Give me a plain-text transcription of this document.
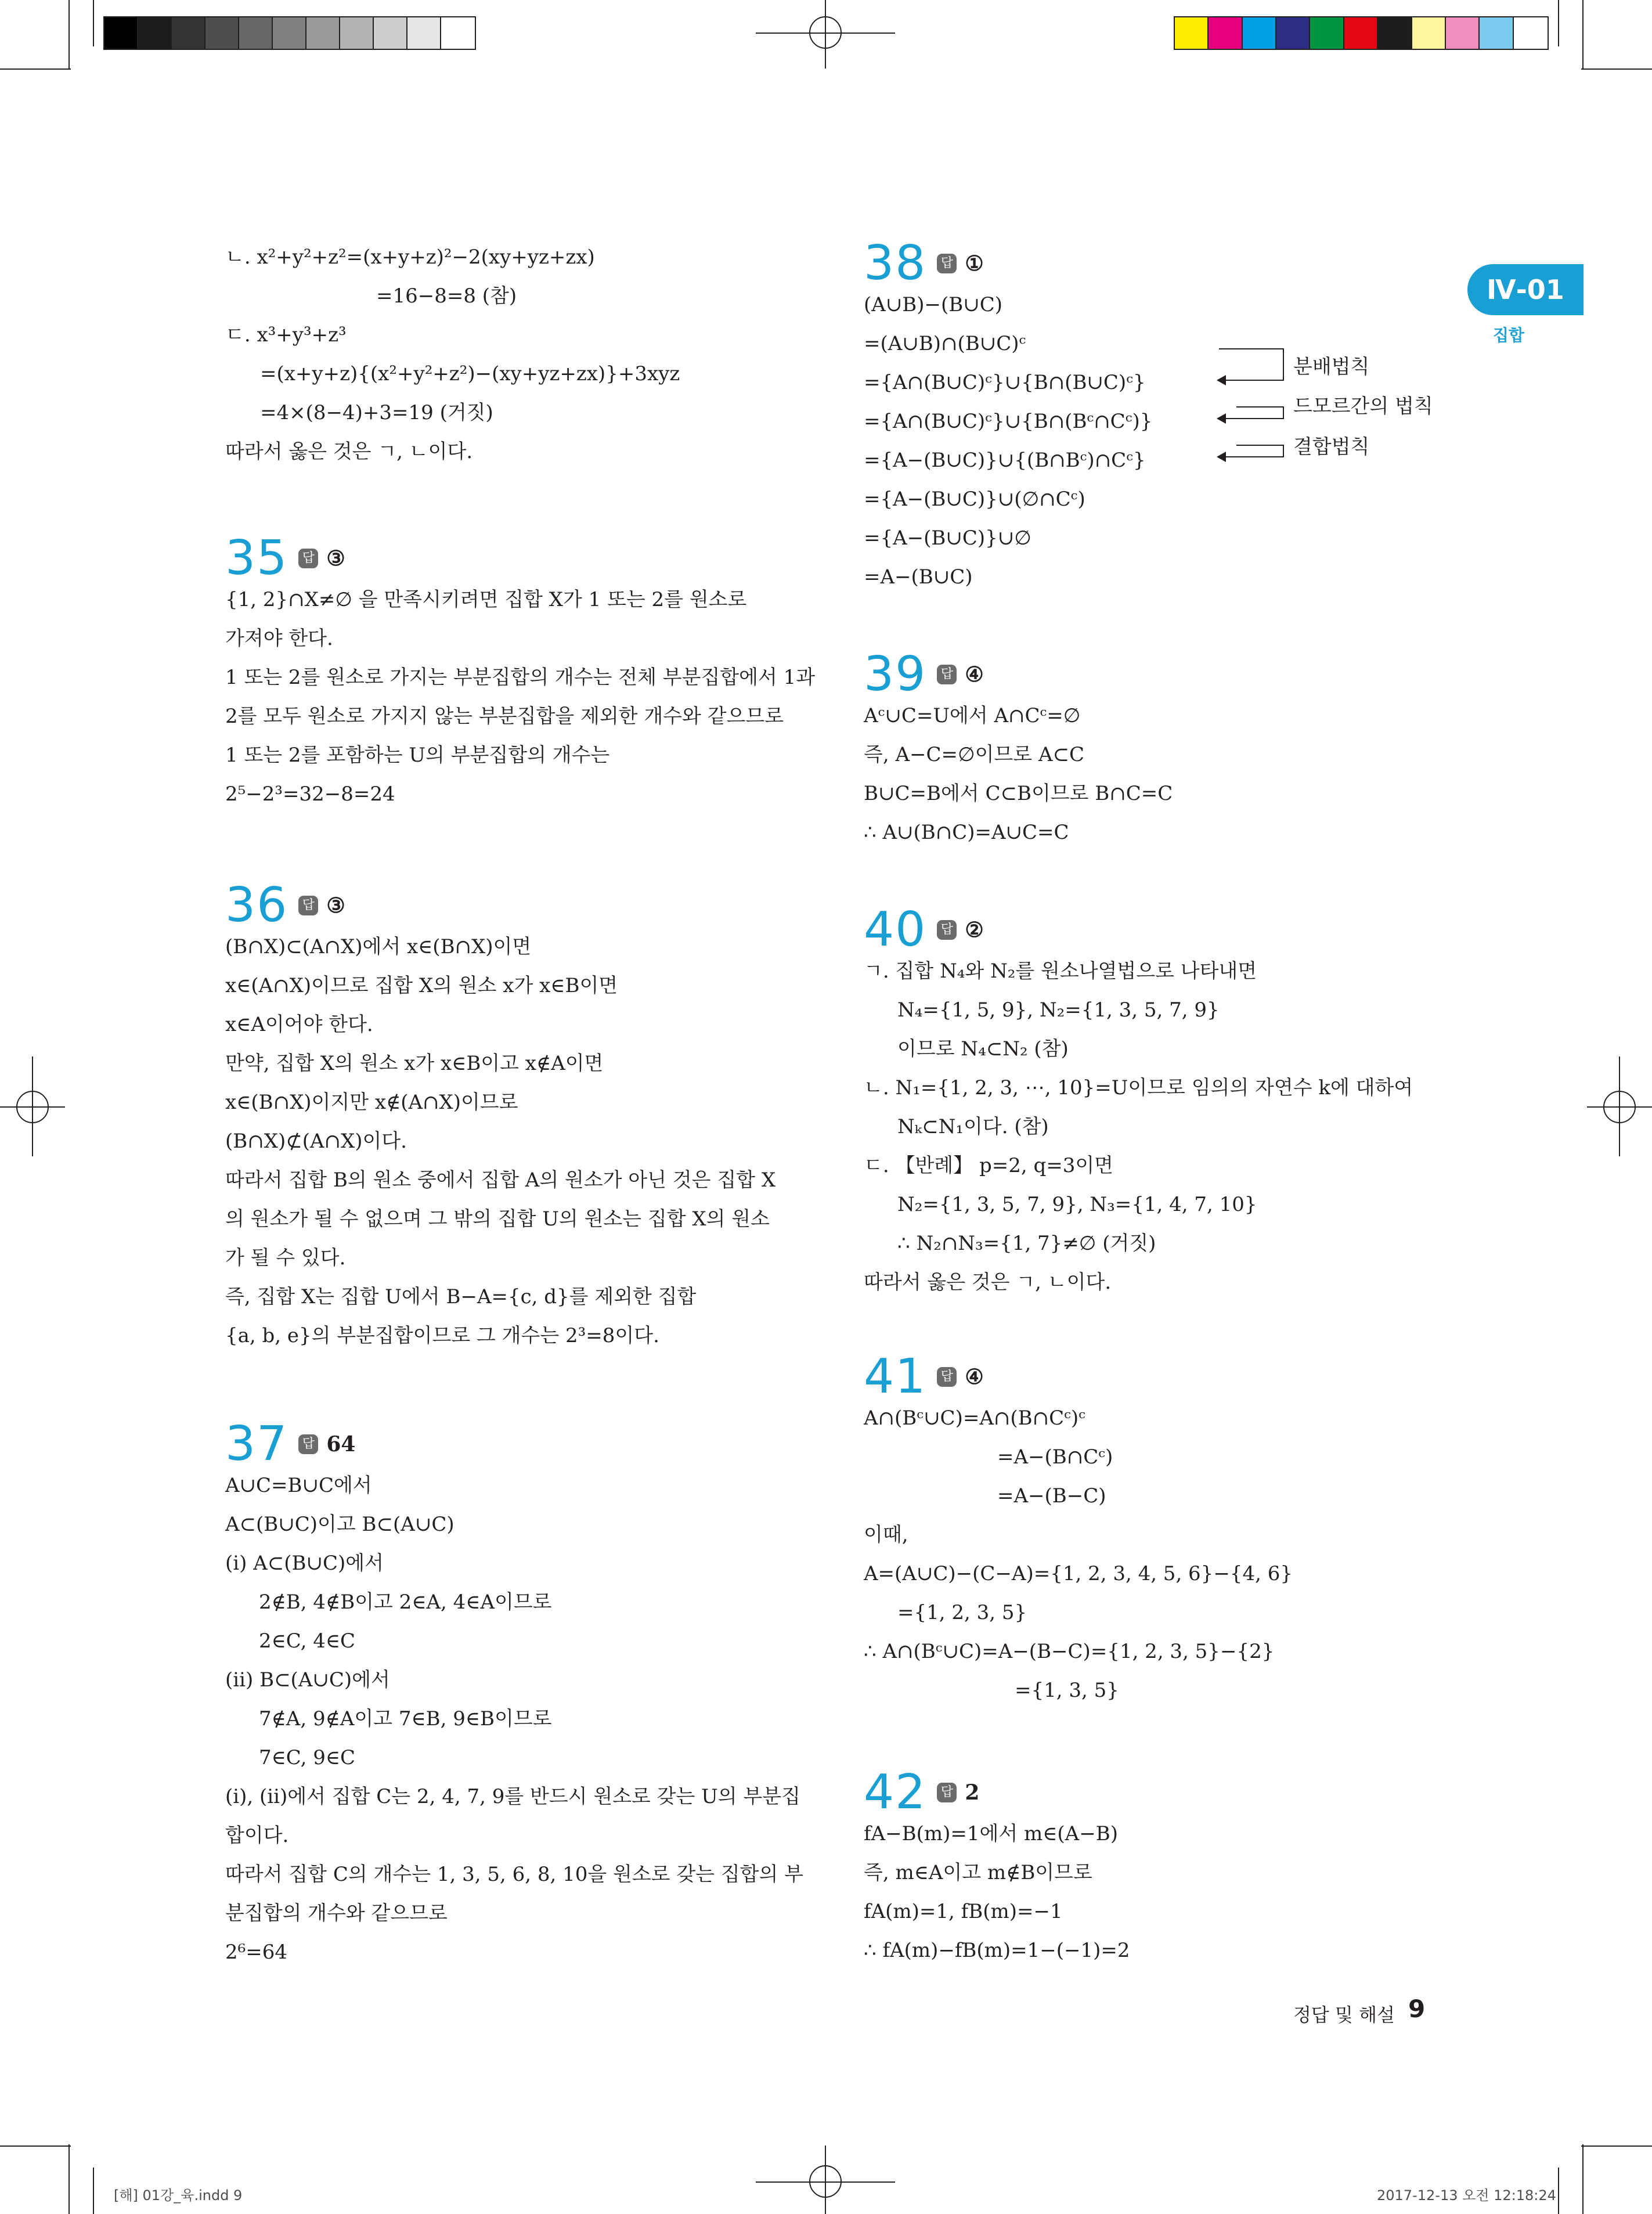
Ⅳ-01
집합
ㄴ. x²+y²+z²=(x+y+z)²−2(xy+yz+zx)
=16−8=8 (참)
ㄷ. x³+y³+z³
=(x+y+z){(x²+y²+z²)−(xy+yz+zx)}+3xyz
=4×(8−4)+3=19 (거짓)
따라서 옳은 것은 ㄱ, ㄴ이다.
35 답 ③
{1, 2}∩X≠∅ 을 만족시키려면 집합 X가 1 또는 2를 원소로
가져야 한다.
1 또는 2를 원소로 가지는 부분집합의 개수는 전체 부분집합에서 1과
2를 모두 원소로 가지지 않는 부분집합을 제외한 개수와 같으므로
1 또는 2를 포함하는 U의 부분집합의 개수는
2⁵−2³=32−8=24
36 답 ③
(B∩X)⊂(A∩X)에서 x∈(B∩X)이면
x∈(A∩X)이므로 집합 X의 원소 x가 x∈B이면
x∈A이어야 한다.
만약, 집합 X의 원소 x가 x∈B이고 x∉A이면
x∈(B∩X)이지만 x∉(A∩X)이므로
(B∩X)⊄(A∩X)이다.
따라서 집합 B의 원소 중에서 집합 A의 원소가 아닌 것은 집합 X
의 원소가 될 수 없으며 그 밖의 집합 U의 원소는 집합 X의 원소
가 될 수 있다.
즉, 집합 X는 집합 U에서 B−A={c, d}를 제외한 집합
{a, b, e}의 부분집합이므로 그 개수는 2³=8이다.
37 답 64
A∪C=B∪C에서
A⊂(B∪C)이고 B⊂(A∪C)
(ⅰ) A⊂(B∪C)에서
2∉B, 4∉B이고 2∈A, 4∈A이므로
2∈C, 4∈C
(ⅱ) B⊂(A∪C)에서
7∉A, 9∉A이고 7∈B, 9∈B이므로
7∈C, 9∈C
(ⅰ), (ⅱ)에서 집합 C는 2, 4, 7, 9를 반드시 원소로 갖는 U의 부분집
합이다.
따라서 집합 C의 개수는 1, 3, 5, 6, 8, 10을 원소로 갖는 집합의 부
분집합의 개수와 같으므로
2⁶=64
38 답 ①
(A∪B)−(B∪C)
=(A∪B)∩(B∪C)ᶜ
={A∩(B∪C)ᶜ}∪{B∩(B∪C)ᶜ}
={A∩(B∪C)ᶜ}∪{B∩(Bᶜ∩Cᶜ)}
={A−(B∪C)}∪{(B∩Bᶜ)∩Cᶜ}
={A−(B∪C)}∪(∅∩Cᶜ)
={A−(B∪C)}∪∅
=A−(B∪C)
분배법칙
드모르간의 법칙
결합법칙
39 답 ④
Aᶜ∪C=U에서 A∩Cᶜ=∅
즉, A−C=∅이므로 A⊂C
B∪C=B에서 C⊂B이므로 B∩C=C
∴ A∪(B∩C)=A∪C=C
40 답 ②
ㄱ. 집합 N₄와 N₂를 원소나열법으로 나타내면
N₄={1, 5, 9}, N₂={1, 3, 5, 7, 9}
이므로 N₄⊂N₂ (참)
ㄴ. N₁={1, 2, 3, ⋯, 10}=U이므로 임의의 자연수 k에 대하여
Nₖ⊂N₁이다. (참)
ㄷ. 【반례】 p=2, q=3이면
N₂={1, 3, 5, 7, 9}, N₃={1, 4, 7, 10}
∴ N₂∩N₃={1, 7}≠∅ (거짓)
따라서 옳은 것은 ㄱ, ㄴ이다.
41 답 ④
A∩(Bᶜ∪C)=A∩(B∩Cᶜ)ᶜ
=A−(B∩Cᶜ)
=A−(B−C)
이때,
A=(A∪C)−(C−A)={1, 2, 3, 4, 5, 6}−{4, 6}
={1, 2, 3, 5}
∴ A∩(Bᶜ∪C)=A−(B−C)={1, 2, 3, 5}−{2}
={1, 3, 5}
42 답 2
fA−B(m)=1에서 m∈(A−B)
즉, m∈A이고 m∉B이므로
fA(m)=1, fB(m)=−1
∴ fA(m)−fB(m)=1−(−1)=2
정답 및 해설 9
[해] 01강_육.indd 9	2017-12-13 오전 12:18:24
